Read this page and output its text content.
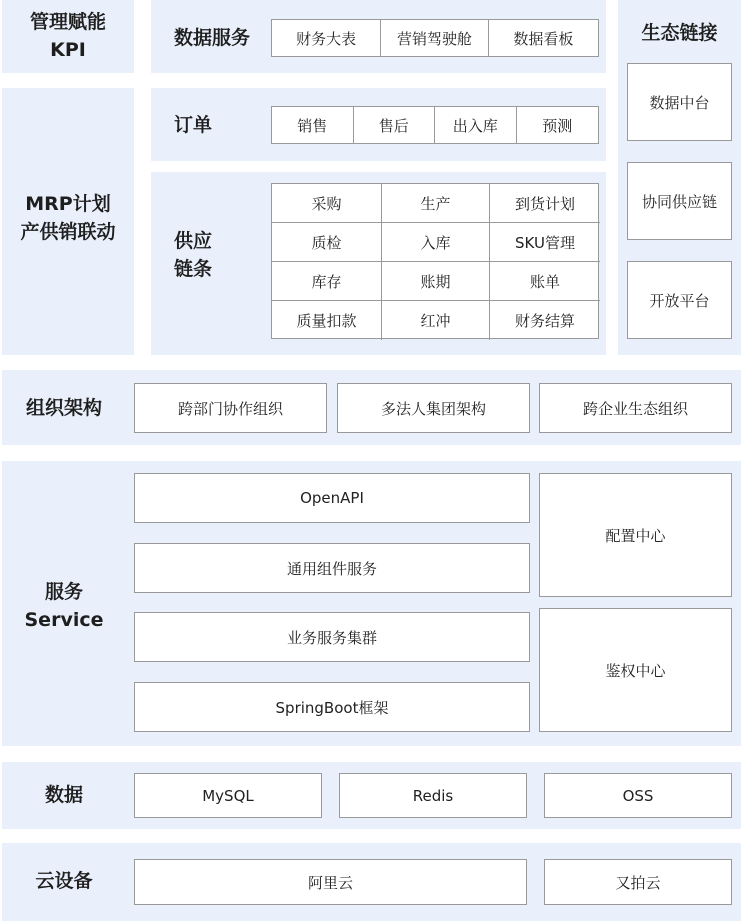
管理赋能
KPI
数据服务	财务大表	营销驾驶舱	数据看板	生态链接
数据中台
协同供应链
开放平台
MRP计划
产供销联动
订单	销售	售后	出入库	预测
供应
链条
采购	生产	到货计划
质检	入库	SKU管理
库存	账期	账单
质量扣款	红冲	财务结算
组织架构	跨部门协作组织	多法人集团架构	跨企业生态组织
服务
Service
OpenAPI
通用组件服务
业务服务集群
SpringBoot框架
配置中心
鉴权中心
数据	MySQL	Redis	OSS
云设备	阿里云	又拍云
